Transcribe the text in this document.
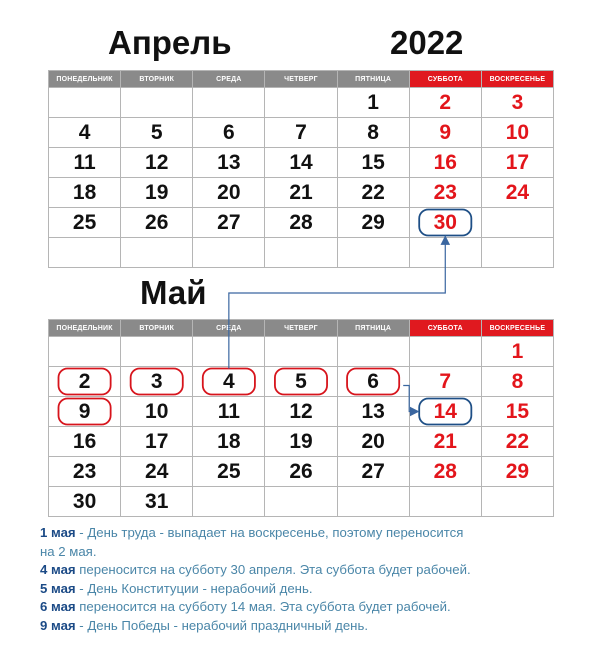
Апрель	2022
Май
ПОНЕДЕЛЬНИК	ВТОРНИК	СРЕДА	ЧЕТВЕРГ	ПЯТНИЦА	СУББОТА	ВОСКРЕСЕНЬЕ
				1	2	3
4	5	6	7	8	9	10
11	12	13	14	15	16	17
18	19	20	21	22	23	24
25	26	27	28	29	30	

ПОНЕДЕЛЬНИК	ВТОРНИК	СРЕДА	ЧЕТВЕРГ	ПЯТНИЦА	СУББОТА	ВОСКРЕСЕНЬЕ
						1
2	3	4	5	6	7	8
9	10	11	12	13	14	15
16	17	18	19	20	21	22
23	24	25	26	27	28	29
30	31					
1 мая - День труда - выпадает на воскресенье, поэтому переносится
на 2 мая.
4 мая переносится на субботу 30 апреля. Эта суббота будет рабочей.
5 мая - День Конституции - нерабочий день.
6 мая переносится на субботу 14 мая. Эта суббота будет рабочей.
9 мая - День Победы - нерабочий праздничный день.
